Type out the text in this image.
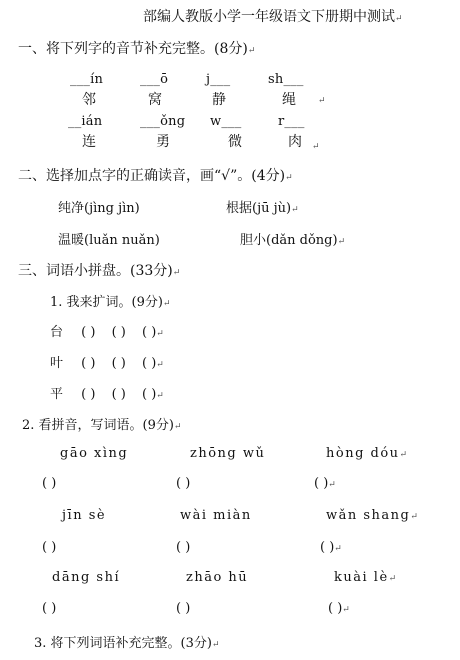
部编人教版小学一年级语文下册期中测试↵
一、将下列字的音节补充完整。(8分)↵
___ín	___ō	j___	sh___
邻	窝	静	绳 ↵
__ián	___ǒng w___	r___
连	勇	微	肉 ↵
二、选择加点字的正确读音，画“√”。(4分)↵
纯净(jìng jìn)	根据(jū jù)↵
温暖(luǎn nuǎn)	胆小(dǎn dǒng)↵
三、词语小拼盘。(33分)↵
1. 我来扩词。(9分)↵
台 ( ) ( ) ( )↵
叶 ( ) ( ) ( )↵
平 ( ) ( ) ( )↵
2. 看拼音，写词语。(9分)↵
gāo xìng	zhōng wǔ	hòng dóu↵
( )	( )	( )↵
jīn sè	wài miàn	wǎn shang↵
( )	( )	( )↵
dāng shí	zhāo hū	kuài lè↵
( )	( )	( )↵
3. 将下列词语补充完整。(3分)↵
